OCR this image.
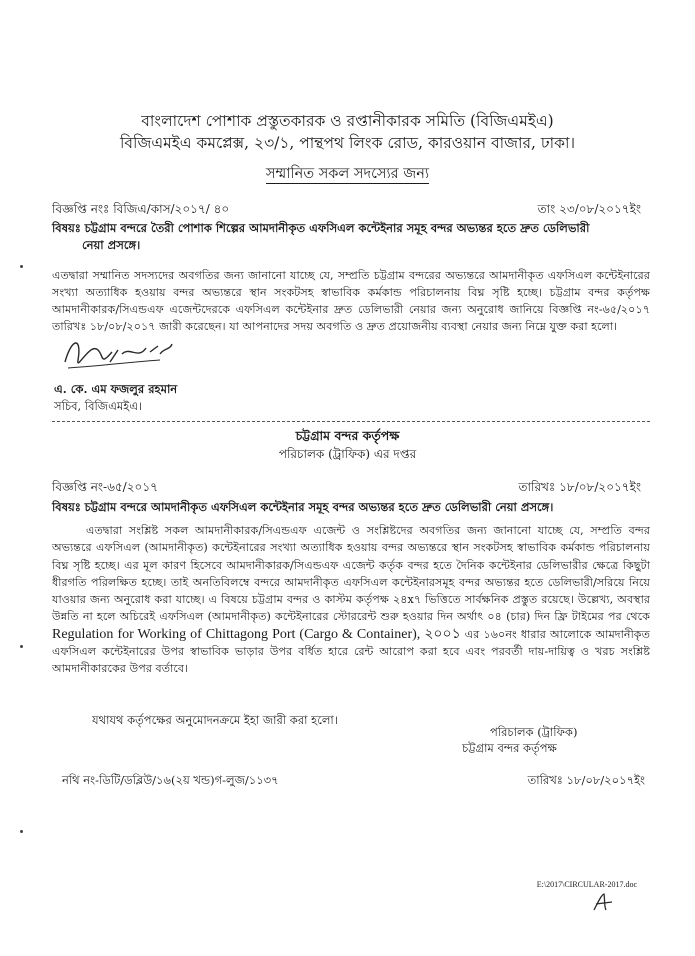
বাংলাদেশ পোশাক প্রস্তুতকারক ও রপ্তানীকারক সমিতি (বিজিএমইএ)
বিজিএমইএ কমপ্লেক্স, ২৩/১, পান্থপথ লিংক রোড, কারওয়ান বাজার, ঢাকা।
সম্মানিত সকল সদস্যের জন্য
বিজ্ঞপ্তি নংঃ বিজিএ/কাস/২০১৭/ ৪০	তাং ২৩/০৮/২০১৭ইং
বিষয়ঃ চট্টগ্রাম বন্দরে তৈরী পোশাক শিল্পের আমদানীকৃত এফসিএল কন্টেইনার সমূহ বন্দর অভ্যন্তর হতে দ্রুত ডেলিভারী
নেয়া প্রসঙ্গে।
এতদ্বারা সম্মানিত সদস্যদের অবগতির জন্য জানানো যাচ্ছে যে, সম্প্রতি চট্টগ্রাম বন্দরের অভ্যন্তরে আমদানীকৃত এফসিএল কন্টেইনারের সংখ্যা অত্যাধিক হওয়ায় বন্দর অভ্যন্তরে স্থান সংকটসহ স্বাভাবিক কর্মকান্ড পরিচালনায় বিঘ্ন সৃষ্টি হচ্ছে। চট্টগ্রাম বন্দর কর্তৃপক্ষ আমদানীকারক/সিএন্ডএফ এজেন্টদেরকে এফসিএল কন্টেইনার দ্রুত ডেলিভারী নেয়ার জন্য অনুরোধ জানিয়ে বিজ্ঞপ্তি নং-৬৫/২০১৭ তারিখঃ ১৮/০৮/২০১৭ জারী করেছেন। যা আপনাদের সদয় অবগতি ও দ্রুত প্রয়োজনীয় ব্যবস্থা নেয়ার জন্য নিম্নে যুক্ত করা হলো।
এ. কে. এম ফজলুর রহমান
সচিব, বিজিএমইএ।
চট্টগ্রাম বন্দর কর্তৃপক্ষ
পরিচালক (ট্রাফিক) এর দপ্তর
বিজ্ঞপ্তি নং-৬৫/২০১৭	তারিখঃ ১৮/০৮/২০১৭ইং
বিষয়ঃ চট্টগ্রাম বন্দরে আমদানীকৃত এফসিএল কন্টেইনার সমূহ বন্দর অভ্যন্তর হতে দ্রুত ডেলিভারী নেয়া প্রসঙ্গে।
এতদ্বারা সংশ্লিষ্ট সকল আমদানীকারক/সিএন্ডএফ এজেন্ট ও সংশ্লিষ্টদের অবগতির জন্য জানানো যাচ্ছে যে, সম্প্রতি বন্দর অভ্যন্তরে এফসিএল (আমদানীকৃত) কন্টেইনারের সংখ্যা অত্যাধিক হওয়ায় বন্দর অভ্যন্তরে স্থান সংকটসহ স্বাভাবিক কর্মকান্ড পরিচালনায় বিঘ্ন সৃষ্টি হচ্ছে। এর মূল কারণ হিসেবে আমদানীকারক/সিএন্ডএফ এজেন্ট কর্তৃক বন্দর হতে দৈনিক কন্টেইনার ডেলিভারীর ক্ষেত্রে কিছুটা ধীরগতি পরিলক্ষিত হচ্ছে। তাই অনতিবিলম্বে বন্দরে আমদানীকৃত এফসিএল কন্টেইনারসমূহ বন্দর অভ্যন্তর হতে ডেলিভারী/সরিয়ে নিয়ে যাওয়ার জন্য অনুরোধ করা যাচ্ছে। এ বিষয়ে চট্টগ্রাম বন্দর ও কাস্টম কর্তৃপক্ষ ২৪x৭ ভিত্তিতে সার্বক্ষনিক প্রস্তুত রয়েছে। উল্লেখ্য, অবস্থার উন্নতি না হলে অচিরেই এফসিএল (আমদানীকৃত) কন্টেইনারের স্টোররেন্ট শুরু হওয়ার দিন অর্থাৎ ০৪ (চার) দিন ফ্রি টাইমের পর থেকে Regulation for Working of Chittagong Port (Cargo & Container), ২০০১ এর ১৬০নং ধারার আলোকে আমদানীকৃত এফসিএল কন্টেইনারের উপর স্বাভাবিক ভাড়ার উপর বর্ধিত হারে রেন্ট আরোপ করা হবে এবং পরবর্তী দায়-দায়িত্ব ও খরচ সংশ্লিষ্ট আমদানীকারকের উপর বর্তাবে।
যথাযথ কর্তৃপক্ষের অনুমোদনক্রমে ইহা জারী করা হলো।
পরিচালক (ট্রাফিক)
চট্টগ্রাম বন্দর কর্তৃপক্ষ
নথি নং-ডিটি/ডব্লিউ/১৬(২য় খন্ড)গ-লুজ/১১৩৭	তারিখঃ ১৮/০৮/২০১৭ইং
E:\2017\CIRCULAR-2017.doc
